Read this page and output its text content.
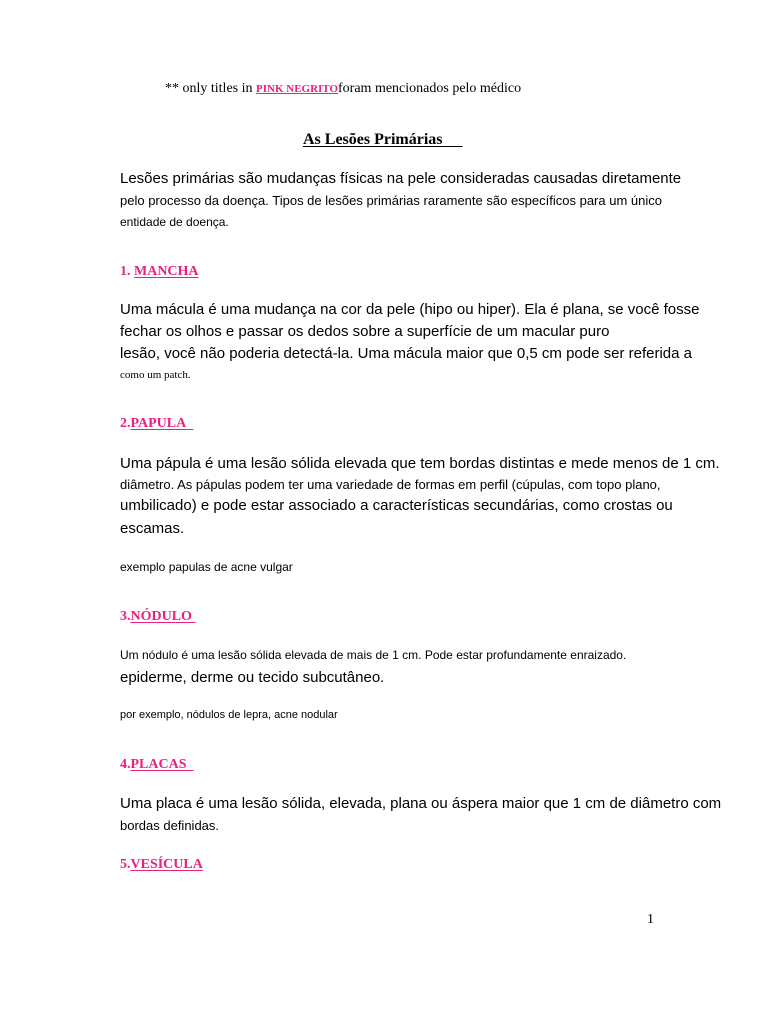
** only titles in PINK NEGRITOforam mencionados pelo médico
As Lesões Primárias
Lesões primárias são mudanças físicas na pele consideradas causadas diretamente
pelo processo da doença. Tipos de lesões primárias raramente são específicos para um único
entidade de doença.
1. MANCHA
Uma mácula é uma mudança na cor da pele (hipo ou hiper). Ela é plana, se você fosse
fechar os olhos e passar os dedos sobre a superfície de um macular puro
lesão, você não poderia detectá-la. Uma mácula maior que 0,5 cm pode ser referida a
como um patch.
2.PAPULA
Uma pápula é uma lesão sólida elevada que tem bordas distintas e mede menos de 1 cm.
diâmetro. As pápulas podem ter uma variedade de formas em perfil (cúpulas, com topo plano,
umbilicado) e pode estar associado a características secundárias, como crostas ou
escamas.
exemplo papulas de acne vulgar
3.NÓDULO
Um nódulo é uma lesão sólida elevada de mais de 1 cm. Pode estar profundamente enraizado.
epiderme, derme ou tecido subcutâneo.
por exemplo, nódulos de lepra, acne nodular
4.PLACAS
Uma placa é uma lesão sólida, elevada, plana ou áspera maior que 1 cm de diâmetro com
bordas definidas.
5.VESÍCULA
1
